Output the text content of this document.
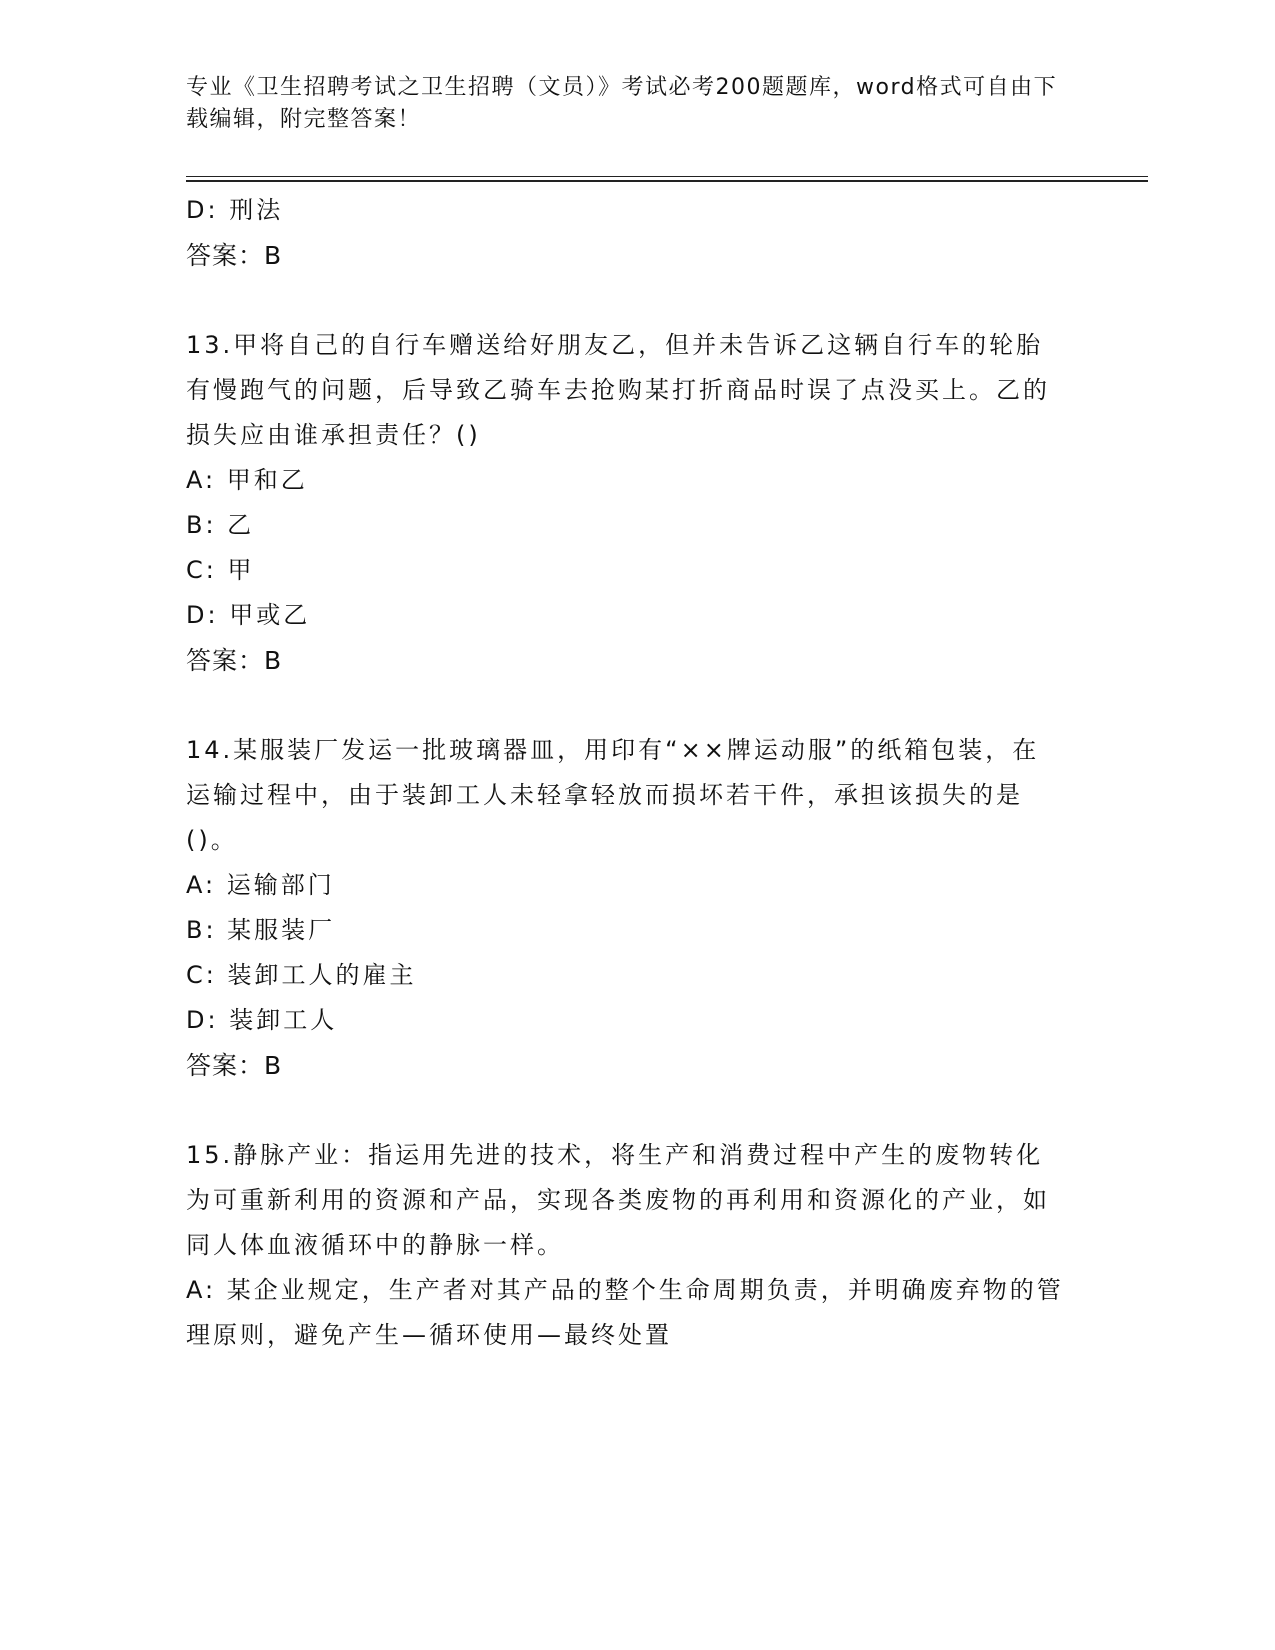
专业《卫生招聘考试之卫生招聘（文员）》考试必考200题题库，word格式可自由下载编辑，附完整答案！

D: 刑法

答案：B

13.甲将自己的自行车赠送给好朋友乙，但并未告诉乙这辆自行车的轮胎有慢跑气的问题，后导致乙骑车去抢购某打折商品时误了点没买上。乙的损失应由谁承担责任？()

A: 甲和乙

B: 乙

C: 甲

D: 甲或乙

答案：B

14.某服装厂发运一批玻璃器皿，用印有“××牌运动服”的纸箱包装，在运输过程中，由于装卸工人未轻拿轻放而损坏若干件，承担该损失的是()。

A: 运输部门

B: 某服装厂

C: 装卸工人的雇主

D: 装卸工人

答案：B

15.静脉产业：指运用先进的技术，将生产和消费过程中产生的废物转化为可重新利用的资源和产品，实现各类废物的再利用和资源化的产业，如同人体血液循环中的静脉一样。

A: 某企业规定，生产者对其产品的整个生命周期负责，并明确废弃物的管理原则，避免产生—循环使用—最终处置
